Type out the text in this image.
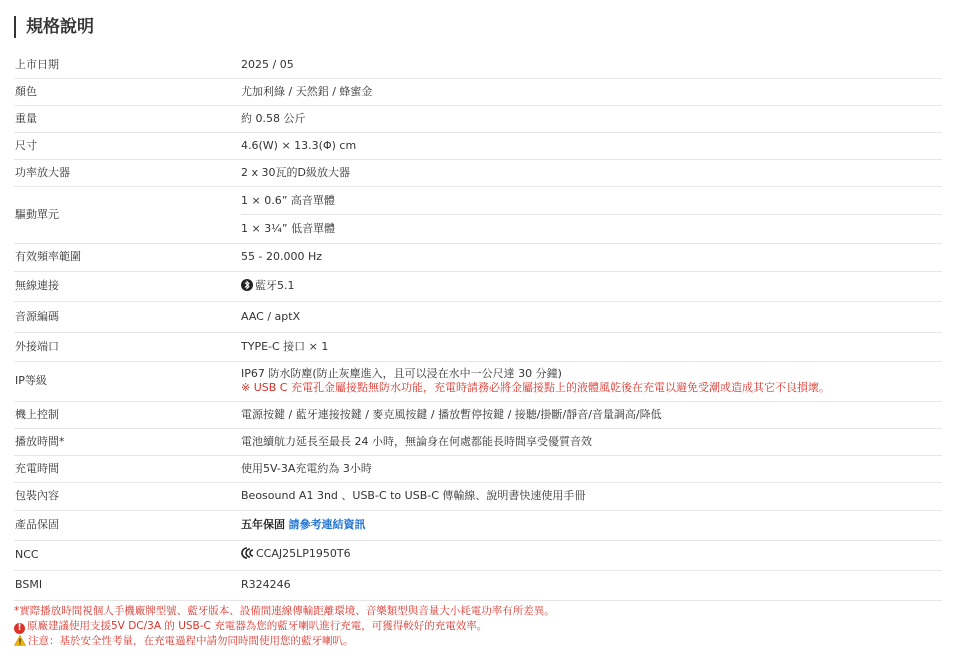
規格說明
上市日期	2025 / 05
顏色	尤加利綠 / 天然鋁 / 蜂蜜金
重量	約 0.58 公斤
尺寸	4.6(W) × 13.3(Φ) cm
功率放大器	2 x 30瓦的D級放大器
驅動單元	1 × 0.6” 高音單體
1 × 3¼” 低音單體

有效頻率範圍	55 - 20.000 Hz
無線連接	藍牙5.1
音源編碼	AAC / aptX
外接端口	TYPE-C 接口 × 1
IP等級	IP67 防水防塵(防止灰塵進入，且可以浸在水中一公尺達 30 分鐘)
※ USB C 充電孔金屬接點無防水功能，充電時請務必將金屬接點上的液體風乾後在充電以避免受潮或造成其它不良損壞。

機上控制	電源按鍵 / 藍牙連接按鍵 / 麥克風按鍵 / 播放暫停按鍵 / 接聽/掛斷/靜音/音量調高/降低
播放時間*	電池續航力延長至最長 24 小時，無論身在何處都能長時間享受優質音效
充電時間	使用5V-3A充電約為 3小時
包裝內容	Beosound A1 3nd 、USB-C to USB-C 傳輸線、說明書快速使用手冊
產品保固	五年保固 請參考連結資訊
NCC	CCAJ25LP1950T6
BSMI	R324246
*實際播放時間視個人手機廠牌型號、藍牙版本、設備間連線傳輸距離環境、音樂類型與音量大小耗電功率有所差異。
! 原廠建議使用支援5V DC/3A 的 USB-C 充電器為您的藍牙喇叭進行充電，可獲得較好的充電效率。
注意：基於安全性考量，在充電過程中請勿同時間使用您的藍牙喇叭。
